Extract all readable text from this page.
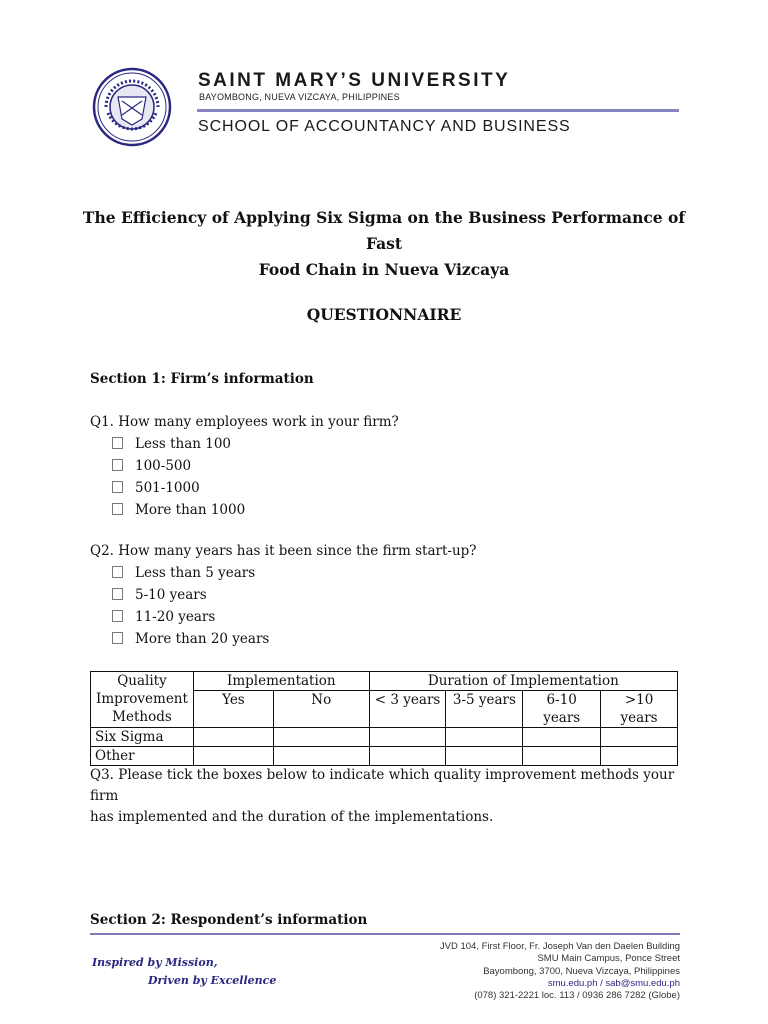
SAINT MARY’S UNIVERSITY
BAYOMBONG, NUEVA VIZCAYA, PHILIPPINES
SCHOOL OF ACCOUNTANCY AND BUSINESS
The Efficiency of Applying Six Sigma on the Business Performance of Fast
Food Chain in Nueva Vizcaya
QUESTIONNAIRE
Section 1: Firm’s information
Q1. How many employees work in your firm?
Less than 100
100-500
501-1000
More than 1000
Q2. How many years has it been since the firm start-up?
Less than 5 years
5-10 years
11-20 years
More than 20 years
Quality Improvement Methods	Implementation		Duration of Implementation			
	Yes	No	< 3 years	3-5 years	6-10 years	>10 years
Six Sigma						
Other						
Q3. Please tick the boxes below to indicate which quality improvement methods your firm
has implemented and the duration of the implementations.
Section 2: Respondent’s information
Inspired by Mission,
Driven by Excellence
JVD 104, First Floor, Fr. Joseph Van den Daelen Building
SMU Main Campus, Ponce Street
Bayombong, 3700, Nueva Vizcaya, Philippines
smu.edu.ph / sab@smu.edu.ph
(078) 321-2221 loc. 113 / 0936 286 7282 (Globe)
